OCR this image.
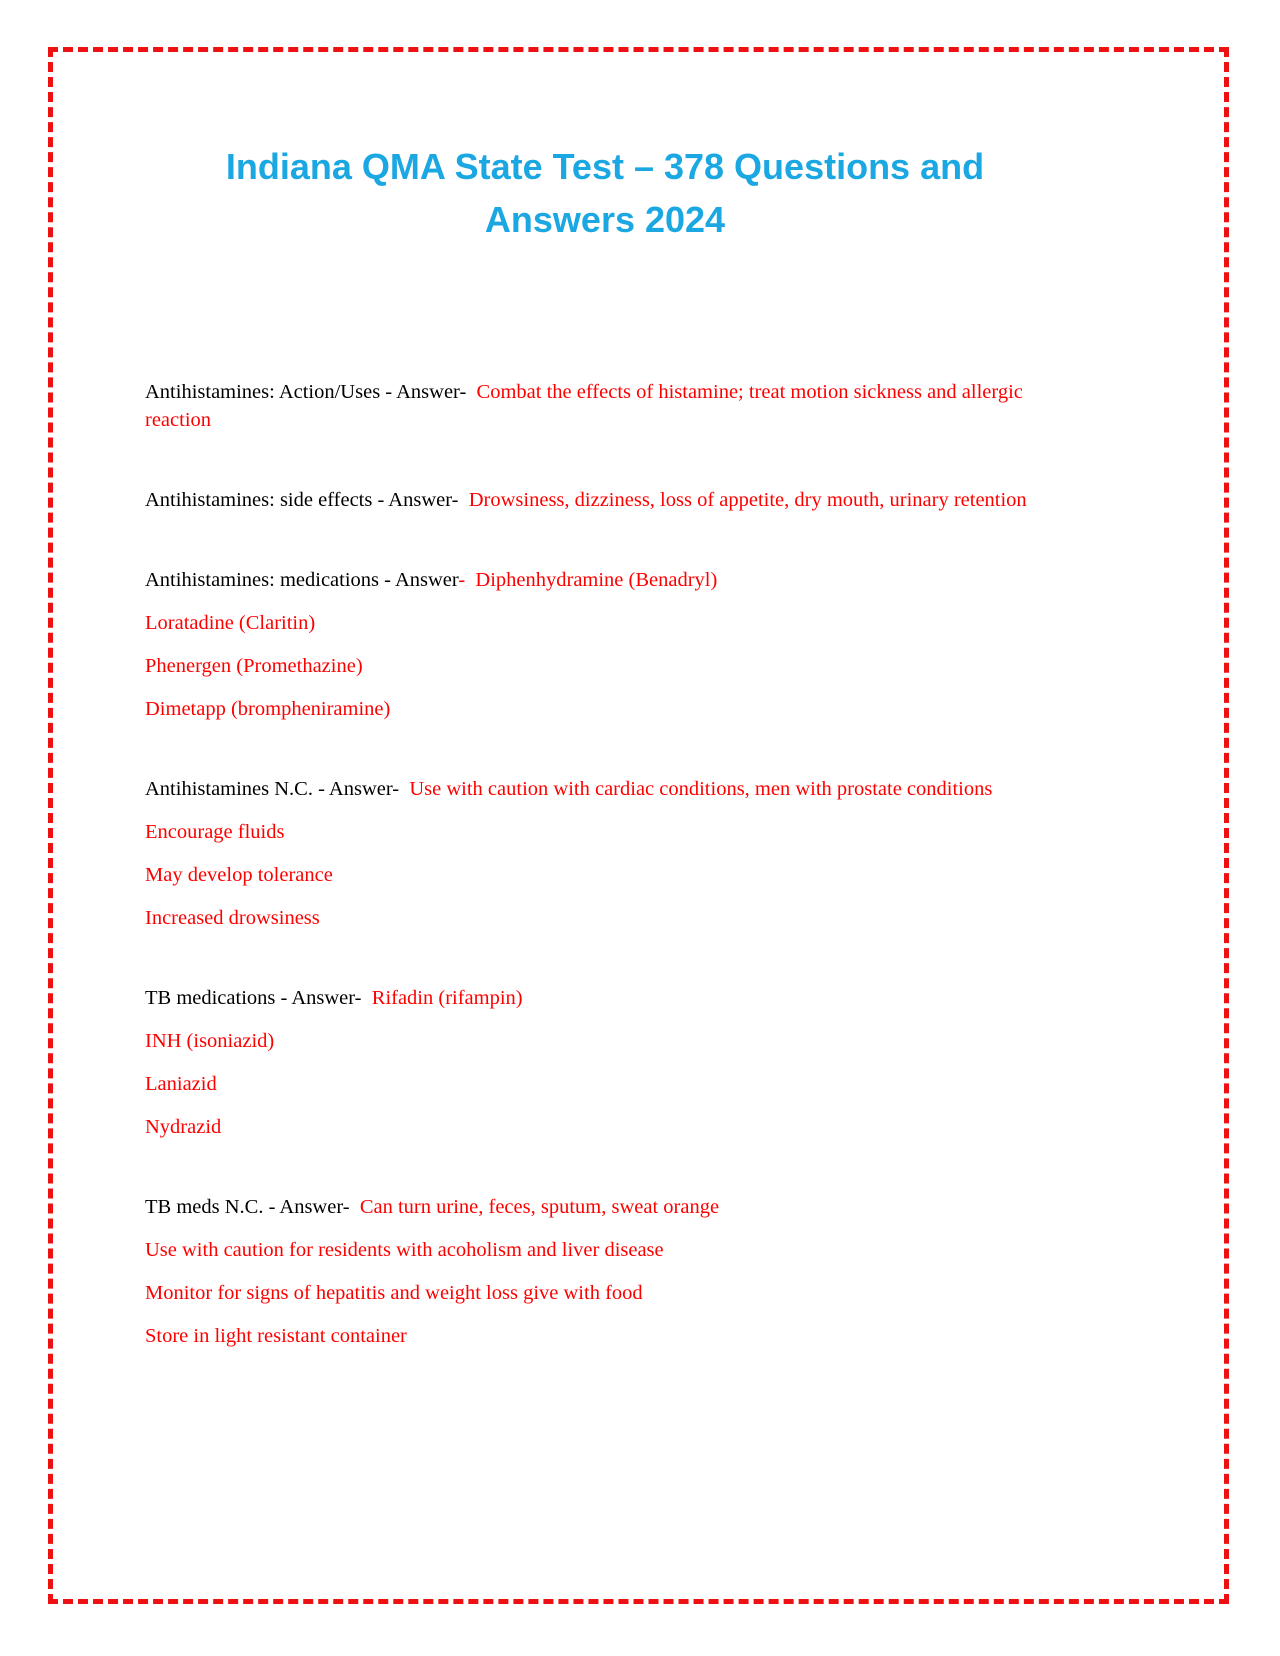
Indiana QMA State Test – 378 Questions and
Answers 2024

Antihistamines: Action/Uses - Answer-  Combat the effects of histamine; treat motion sickness and allergic reaction

Antihistamines: side effects - Answer-  Drowsiness, dizziness, loss of appetite, dry mouth, urinary retention

Antihistamines: medications - Answer-  Diphenhydramine (Benadryl)

Loratadine (Claritin)

Phenergen (Promethazine)

Dimetapp (brompheniramine)

Antihistamines N.C. - Answer-  Use with caution with cardiac conditions, men with prostate conditions

Encourage fluids

May develop tolerance

Increased drowsiness

TB medications - Answer-  Rifadin (rifampin)

INH (isoniazid)

Laniazid

Nydrazid

TB meds N.C. - Answer-  Can turn urine, feces, sputum, sweat orange

Use with caution for residents with acoholism and liver disease

Monitor for signs of hepatitis and weight loss give with food

Store in light resistant container
